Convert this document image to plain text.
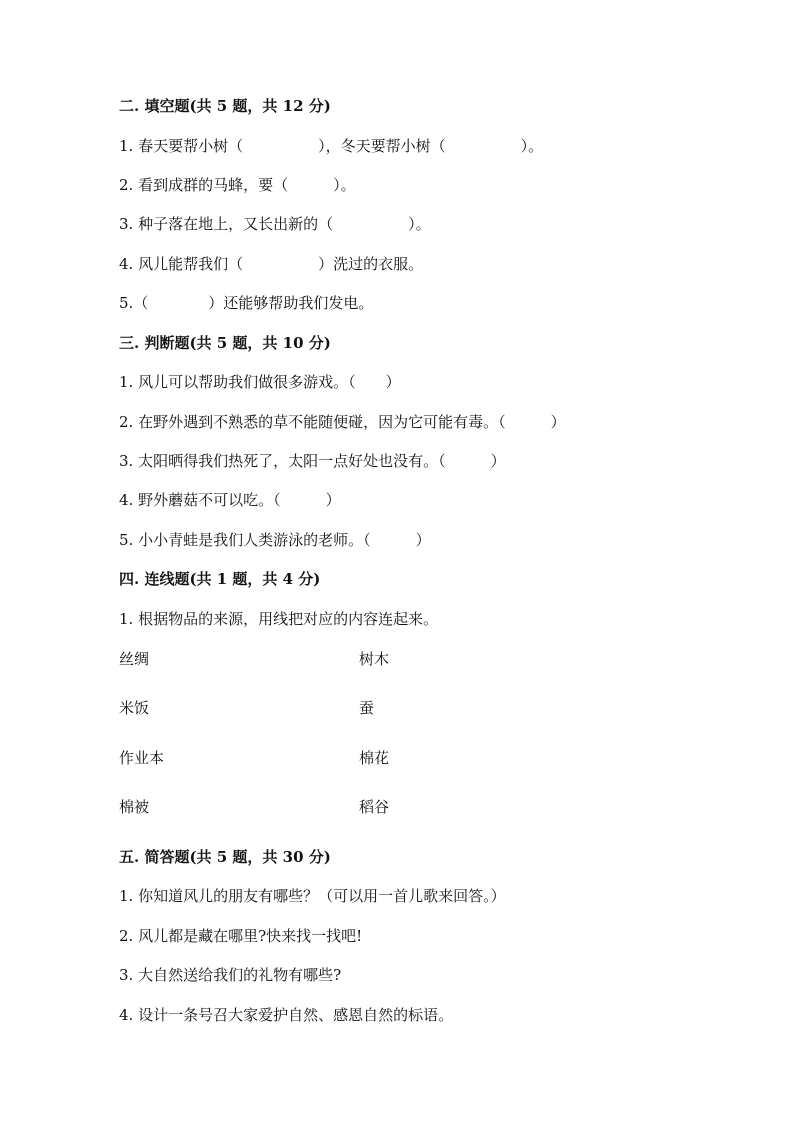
二. 填空题(共 5 题，共 12 分)
1. 春天要帮小树（　　　　　），冬天要帮小树（　　　　　）。
2. 看到成群的马蜂，要（　　　）。
3. 种子落在地上，又长出新的（　　　　　）。
4. 风儿能帮我们（　　　　　）洗过的衣服。
5.（　　　　）还能够帮助我们发电。
三. 判断题(共 5 题，共 10 分)
1. 风儿可以帮助我们做很多游戏。（　　）
2. 在野外遇到不熟悉的草不能随便碰，因为它可能有毒。（　　　）
3. 太阳晒得我们热死了，太阳一点好处也没有。（　　　）
4. 野外蘑菇不可以吃。（　　　）
5. 小小青蛙是我们人类游泳的老师。（　　　）
四. 连线题(共 1 题，共 4 分)
1. 根据物品的来源，用线把对应的内容连起来。
丝绸	树木
米饭	蚕
作业本	棉花
棉被	稻谷
五. 简答题(共 5 题，共 30 分)
1. 你知道风儿的朋友有哪些？（可以用一首儿歌来回答。）
2. 风儿都是藏在哪里?快来找一找吧!
3. 大自然送给我们的礼物有哪些?
4. 设计一条号召大家爱护自然、感恩自然的标语。
